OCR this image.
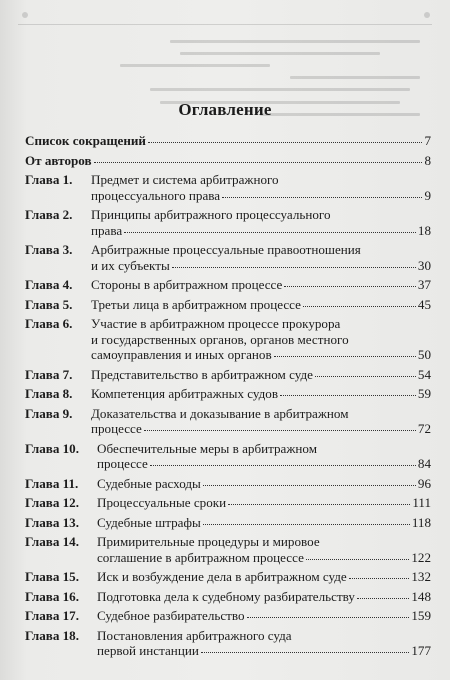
Оглавление
Список сокращений	7
От авторов	8
Глава 1. Предмет и система арбитражного
процессуального права	9
Глава 2. Принципы арбитражного процессуального
права	18
Глава 3. Арбитражные процессуальные правоотношения
и их субъекты	30
Глава 4. Стороны в арбитражном процессе	37
Глава 5. Третьи лица в арбитражном процессе	45
Глава 6. Участие в арбитражном процессе прокурора
и государственных органов, органов местного
самоуправления и иных органов	50
Глава 7. Представительство в арбитражном суде	54
Глава 8. Компетенция арбитражных судов	59
Глава 9. Доказательства и доказывание в арбитражном
процессе	72
Глава 10. Обеспечительные меры в арбитражном
процессе	84
Глава 11. Судебные расходы	96
Глава 12. Процессуальные сроки	111
Глава 13. Судебные штрафы	118
Глава 14. Примирительные процедуры и мировое
соглашение в арбитражном процессе	122
Глава 15. Иск и возбуждение дела в арбитражном суде	132
Глава 16. Подготовка дела к судебному разбирательству	148
Глава 17. Судебное разбирательство	159
Глава 18. Постановления арбитражного суда
первой инстанции	177
